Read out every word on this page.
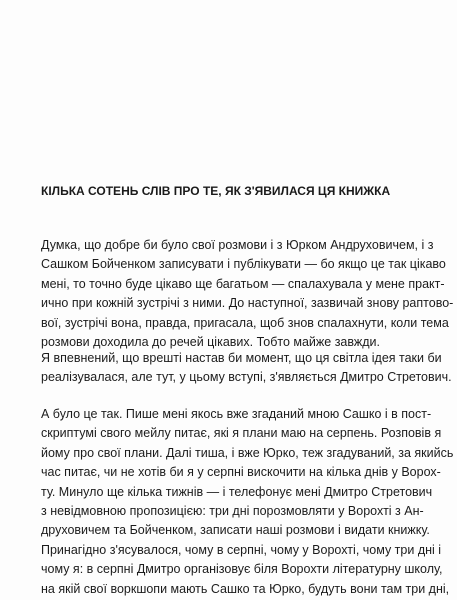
КІЛЬКА СОТЕНЬ СЛІВ ПРО ТЕ, ЯК З'ЯВИЛАСЯ ЦЯ КНИЖКА
Думка, що добре би було свої розмови і з Юрком Андруховичем, і з
Сашком Бойченком записувати і публікувати — бо якщо це так цікаво
мені, то точно буде цікаво ще багатьом — спалахувала у мене практ-
ично при кожній зустрічі з ними. До наступної, зазвичай знову раптово-
вої, зустрічі вона, правда, пригасала, щоб знов спалахнути, коли тема
розмови доходила до речей цікавих. Тобто майже завжди.
Я впевнений, що врешті настав би момент, що ця світла ідея таки би
реалізувалася, але тут, у цьому вступі, з'являється Дмитро Стретович.
А було це так. Пише мені якось вже згаданий мною Сашко і в пост-
скриптумі свого мейлу питає, які я плани маю на серпень. Розповів я
йому про свої плани. Далі тиша, і вже Юрко, теж згадуваний, за якийсь
час питає, чи не хотів би я у серпні вискочити на кілька днів у Ворох-
ту. Минуло ще кілька тижнів — і телефонує мені Дмитро Стретович
з невідмовною пропозицією: три дні порозмовляти у Ворохті з Ан-
друховичем та Бойченком, записати наші розмови і видати книжку.
Принагідно з'ясувалося, чому в серпні, чому у Ворохті, чому три дні і
чому я: в серпні Дмитро організовує біля Ворохти літературну школу,
на якій свої воркшопи мають Сашко та Юрко, будуть вони там три дні,
